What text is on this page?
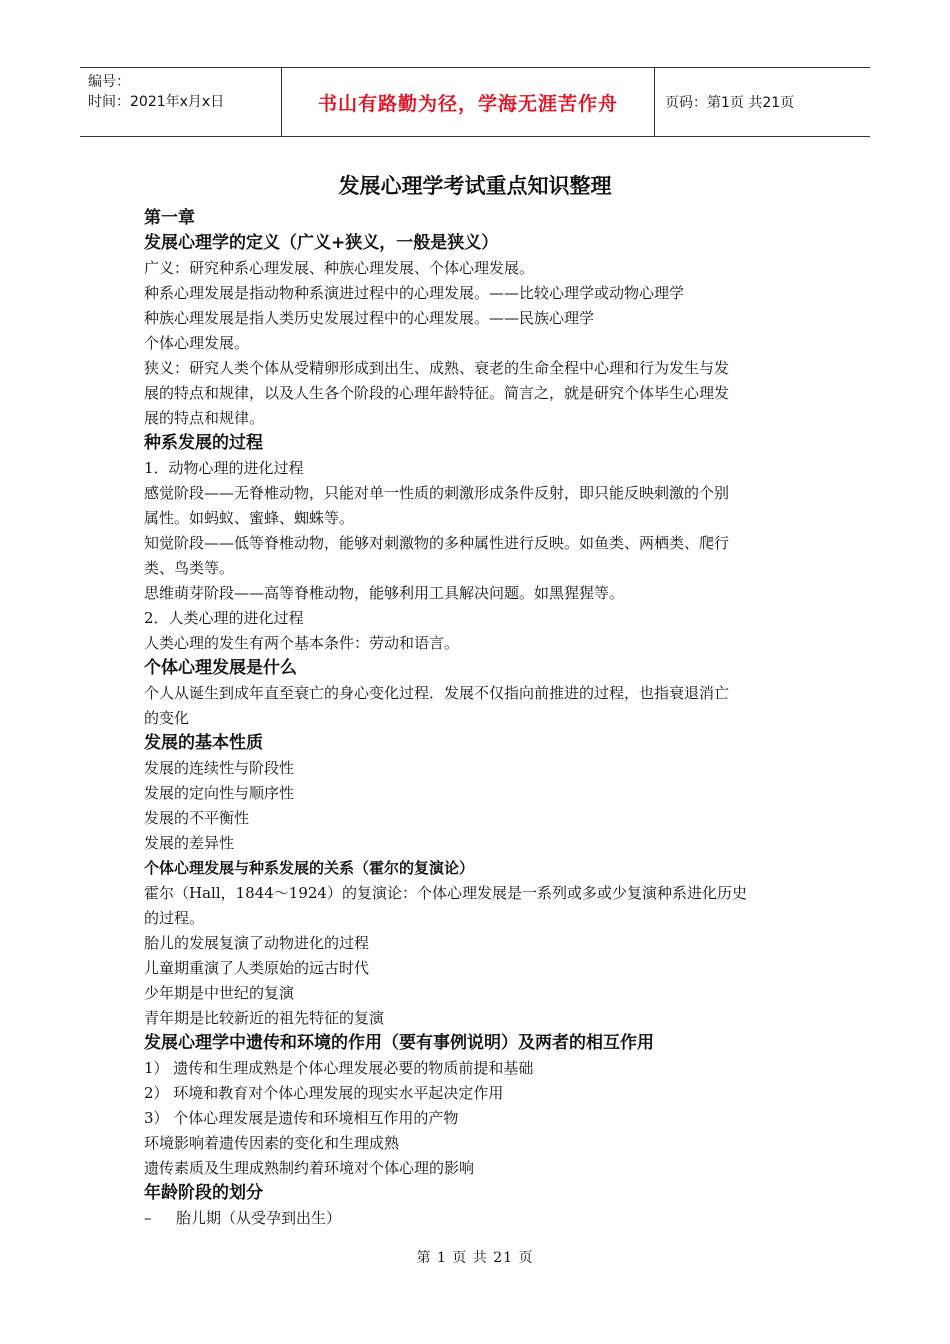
编号：
时间：2021年x月x日	书山有路勤为径，学海无涯苦作舟	页码：第1页 共21页
发展心理学考试重点知识整理
第一章
发展心理学的定义（广义+狭义，一般是狭义）
广义：研究种系心理发展、种族心理发展、个体心理发展。
种系心理发展是指动物种系演进过程中的心理发展。——比较心理学或动物心理学
种族心理发展是指人类历史发展过程中的心理发展。——民族心理学
个体心理发展。
狭义：研究人类个体从受精卵形成到出生、成熟、衰老的生命全程中心理和行为发生与发
展的特点和规律，以及人生各个阶段的心理年龄特征。简言之，就是研究个体毕生心理发
展的特点和规律。
种系发展的过程
1．动物心理的进化过程
感觉阶段——无脊椎动物，只能对单一性质的刺激形成条件反射，即只能反映刺激的个别
属性。如蚂蚁、蜜蜂、蜘蛛等。
知觉阶段——低等脊椎动物，能够对刺激物的多种属性进行反映。如鱼类、两栖类、爬行
类、鸟类等。
思维萌芽阶段——高等脊椎动物，能够利用工具解决问题。如黑猩猩等。
2．人类心理的进化过程
人类心理的发生有两个基本条件：劳动和语言。
个体心理发展是什么
个人从诞生到成年直至衰亡的身心变化过程．发展不仅指向前推进的过程，也指衰退消亡
的变化
发展的基本性质
发展的连续性与阶段性
发展的定向性与顺序性
发展的不平衡性
发展的差异性
个体心理发展与种系发展的关系（霍尔的复演论）
霍尔（Hall，1844～1924）的复演论：个体心理发展是一系列或多或少复演种系进化历史
的过程。
胎儿的发展复演了动物进化的过程
儿童期重演了人类原始的远古时代
少年期是中世纪的复演
青年期是比较新近的祖先特征的复演
发展心理学中遗传和环境的作用（要有事例说明）及两者的相互作用
1） 遗传和生理成熟是个体心理发展必要的物质前提和基础
2） 环境和教育对个体心理发展的现实水平起决定作用
3） 个体心理发展是遗传和环境相互作用的产物
环境影响着遗传因素的变化和生理成熟
遗传素质及生理成熟制约着环境对个体心理的影响
年龄阶段的划分
– 胎儿期（从受孕到出生）
第 1 页 共 21 页
